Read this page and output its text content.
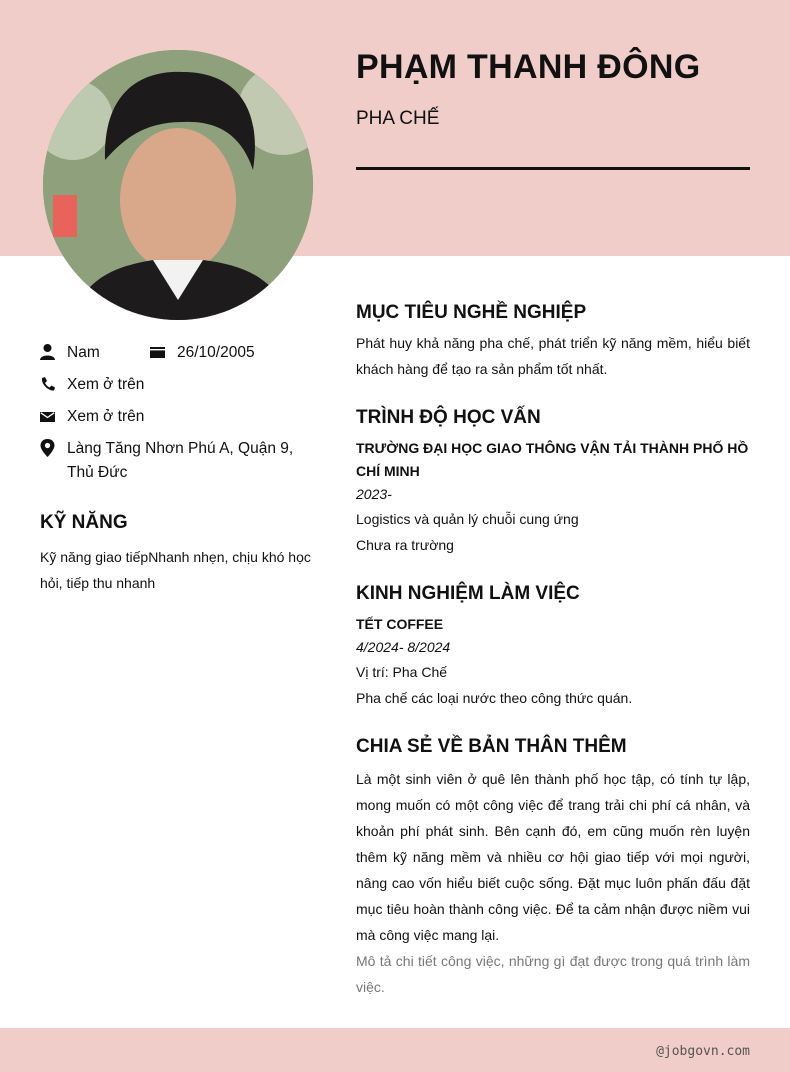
PHẠM THANH ĐÔNG
PHA CHẾ
Nam	26/10/2005
Xem ở trên
Xem ở trên
Làng Tăng Nhơn Phú A, Quận 9, Thủ Đức
KỸ NĂNG
Kỹ năng giao tiếpNhanh nhẹn, chịu khó học hỏi, tiếp thu nhanh
MỤC TIÊU NGHỀ NGHIỆP

Phát huy khả năng pha chế, phát triển kỹ năng mềm, hiểu biết khách hàng để tạo ra sản phẩm tốt nhất.

TRÌNH ĐỘ HỌC VẤN

TRƯỜNG ĐẠI HỌC GIAO THÔNG VẬN TẢI THÀNH PHỐ HỒ CHÍ MINH

2023-

Logistics và quản lý chuỗi cung ứng

Chưa ra trường

KINH NGHIỆM LÀM VIỆC

TẾT COFFEE

4/2024- 8/2024

Vị trí: Pha Chế

Pha chế các loại nước theo công thức quán.

CHIA SẺ VỀ BẢN THÂN THÊM

Là một sinh viên ở quê lên thành phố học tập, có tính tự lập, mong muốn có một công việc để trang trải chi phí cá nhân, và khoản phí phát sinh. Bên cạnh đó, em cũng muốn rèn luyện thêm kỹ năng mềm và nhiều cơ hội giao tiếp với mọi người, nâng cao vốn hiểu biết cuộc sống. Đặt mục luôn phấn đấu đặt mục tiêu hoàn thành công việc. Để ta cảm nhận được niềm vui mà công việc mang lại.

Mô tả chi tiết công việc, những gì đạt được trong quá trình làm việc.

@jobgovn.com
